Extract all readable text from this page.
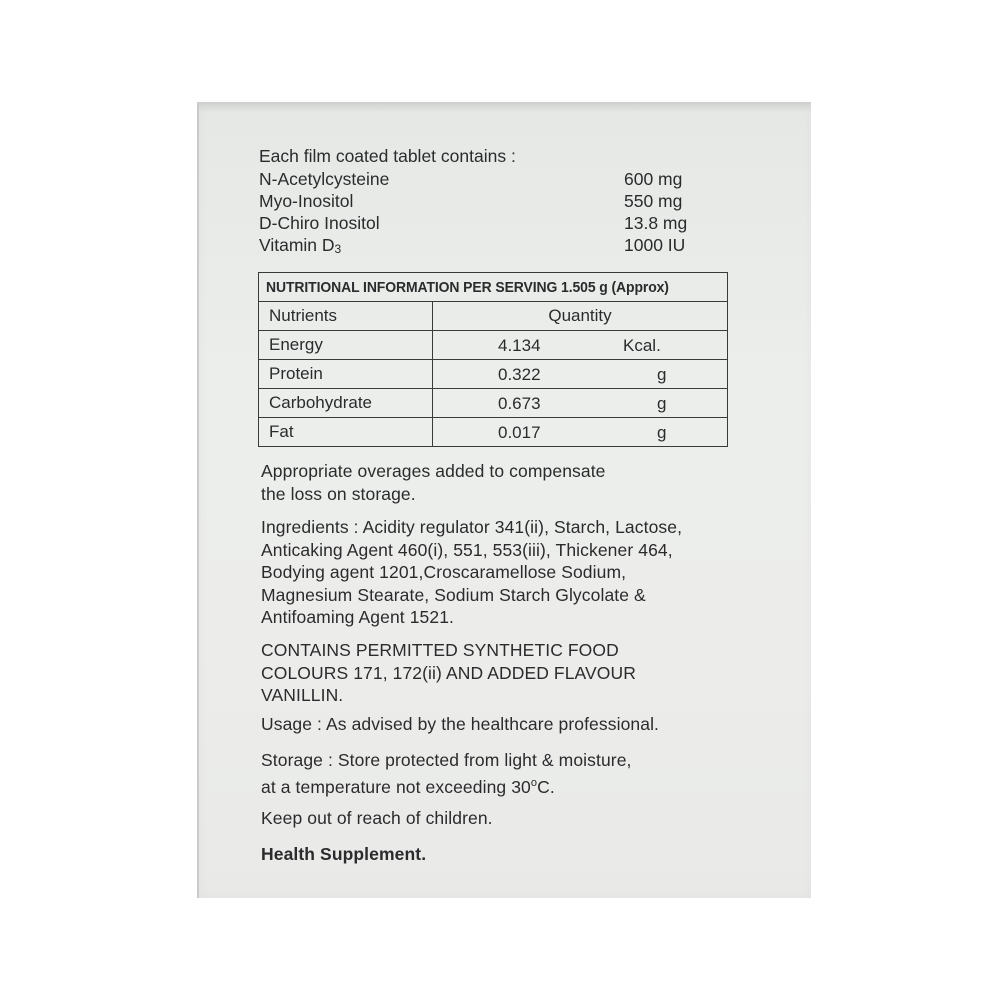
Each film coated tablet contains :
N-Acetylcysteine	600 mg
Myo-Inositol	550 mg
D-Chiro Inositol	13.8 mg
Vitamin D3	1000 IU
NUTRITIONAL INFORMATION PER SERVING 1.505 g (Approx)	
Nutrients	Quantity
Energy	4.134 Kcal.

Protein	0.322 g

Carbohydrate	0.673 g

Fat	0.017 g
Appropriate overages added to compensate
the loss on storage.
Ingredients : Acidity regulator 341(ii), Starch, Lactose,
Anticaking Agent 460(i), 551, 553(iii), Thickener 464,
Bodying agent 1201,Croscaramellose Sodium,
Magnesium Stearate, Sodium Starch Glycolate &
Antifoaming Agent 1521.
CONTAINS PERMITTED SYNTHETIC FOOD
COLOURS 171, 172(ii) AND ADDED FLAVOUR
VANILLIN.
Usage : As advised by the healthcare professional.
Storage : Store protected from light & moisture,
at a temperature not exceeding 30$^o$C.
Keep out of reach of children.
Health Supplement.
